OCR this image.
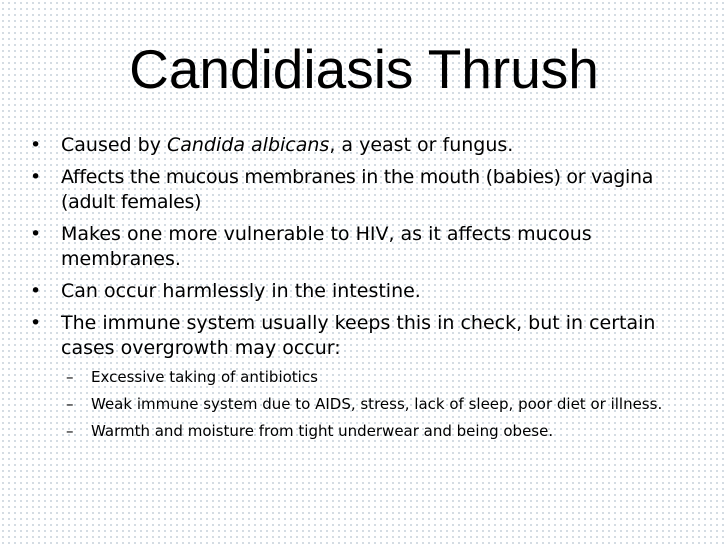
Candidiasis Thrush
• Caused by Candida albicans, a yeast or fungus.
• Affects the mucous membranes in the mouth (babies) or vagina (adult females)
• Makes one more vulnerable to HIV, as it affects mucous membranes.
• Can occur harmlessly in the intestine.
• The immune system usually keeps this in check, but in certain cases overgrowth may occur:
– Excessive taking of antibiotics
– Weak immune system due to AIDS, stress, lack of sleep, poor diet or illness.
– Warmth and moisture from tight underwear and being obese.
